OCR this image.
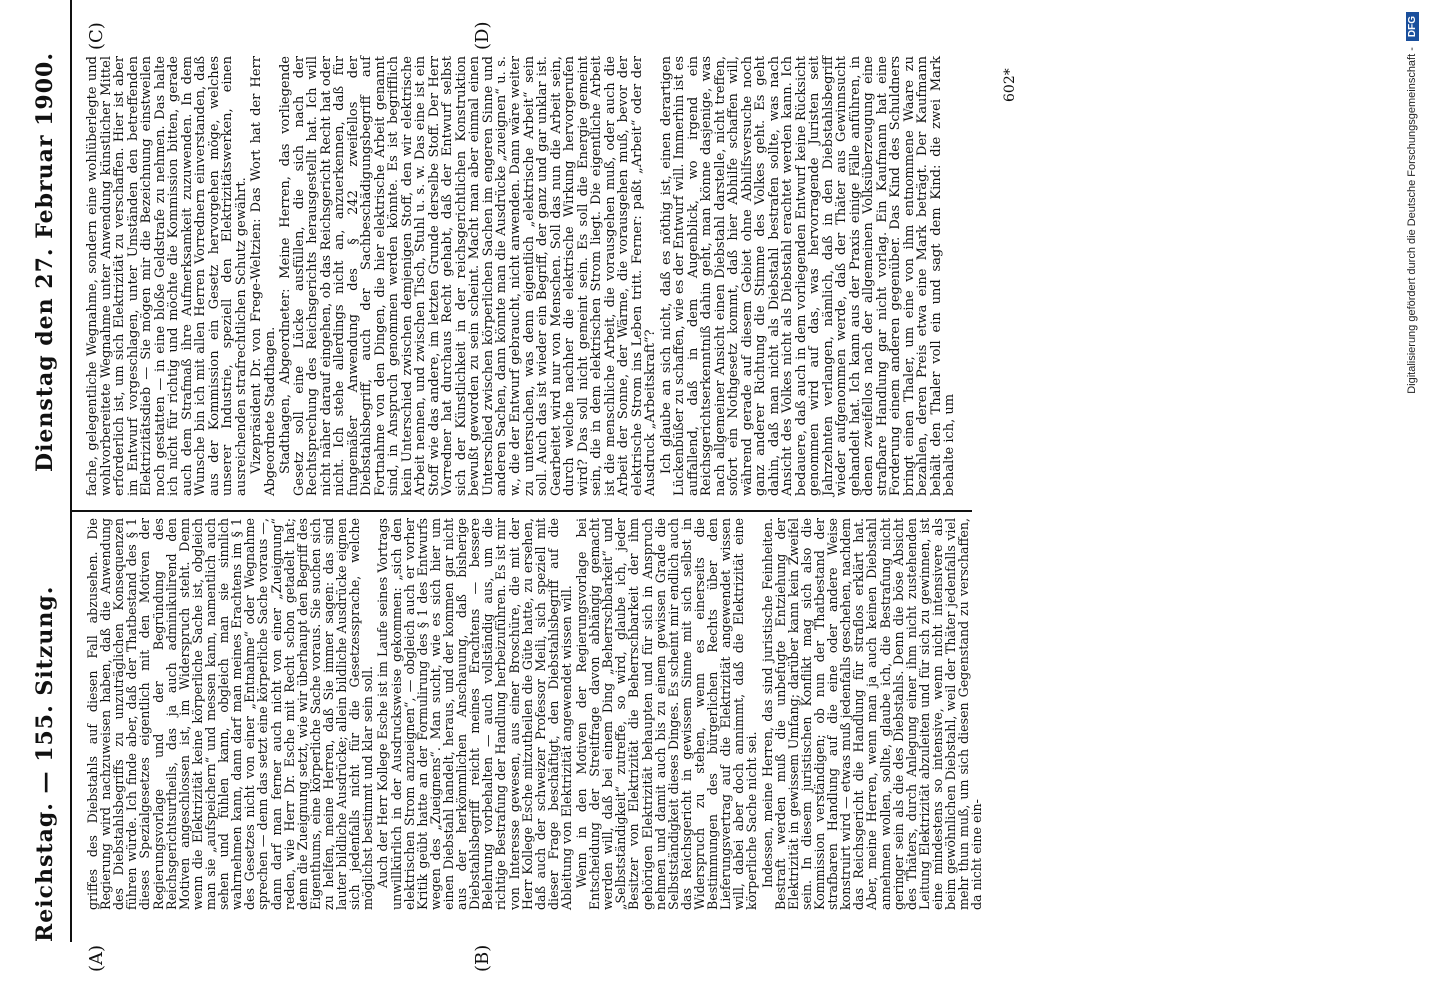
Reichstag. — 155. Sitzung.
Dienstag den 27. Februar 1900.
(A)	(B)
(C)	(D)

griffes des Diebstahls auf diesen Fall abzusehen. Die Regierung wird nachzuweisen haben, daß die Anwendung des Diebstahlsbegriffs zu unzuträglichen Konsequenzen führen würde. Ich finde aber, daß der Thatbestand des § 1 dieses Spezialgesetzes eigentlich mit den Motiven der Regierungsvorlage und der Begründung des Reichsgerichtsurtheils, das ja auch adminikulirend den Motiven angeschlossen ist, im Widerspruch steht. Denn wenn die Elektrizität keine körperliche Sache ist, obgleich man sie „aufspeichern“ und messen kann, namentlich auch sehen und fühlen kann, obgleich man sie sinnlich wahrnehmen kann, dann darf man meines Erachtens im § 1 des Gesetzes nicht von einer „Entnahme“ oder Wegnahme sprechen — denn das setzt eine körperliche Sache voraus —, dann darf man ferner auch nicht von einer „Zueignung“ reden, wie Herr Dr. Esche mit Recht schon getadelt hat; denn die Zueignung setzt, wie wir überhaupt den Begriff des Eigenthums, eine körperliche Sache voraus. Sie suchen sich zu helfen, meine Herren, daß Sie immer sagen: das sind lauter bildliche Ausdrücke; allein bildliche Ausdrücke eignen sich jedenfalls nicht für die Gesetzessprache, welche möglichst bestimmt und klar sein soll. Auch der Herr Kollege Esche ist im Laufe seines Vortrags unwillkürlich in der Ausdrucksweise gekommen: „sich den elektrischen Strom anzueignen“, — obgleich auch er vorher Kritik geübt hatte an der Formulirung des § 1 des Entwurfs wegen des „Zueignens“. Man sucht, wie es sich hier um einen Diebstahl handelt, heraus, und der kommen gar nicht aus der herkömmlichen Anschauung, daß bisherige Diebstahlsbegriff reicht meines Erachtens — bessere Belehrung vorbehalten — auch vollständig aus, um die richtige Bestrafung der Handlung herbeizuführen. Es ist mir von Interesse gewesen, aus einer Broschüre, die mit der Herr Kollege Esche mitzutheilen die Güte hatte, zu ersehen, daß auch der schweizer Professor Meili, sich speziell mit dieser Frage beschäftigt, den Diebstahlsbegriff auf die Ableitung von Elektrizität angewendet wissen will. Wenn in den Motiven der Regierungsvorlage bei Entscheidung der Streitfrage davon abhängig gemacht werden will, daß bei einem Ding „Beherrschbarkeit“ und „Selbstständigkeit“ zutreffe, so wird, glaube ich, jeder Besitzer von Elektrizität die Beherrschbarkeit der ihm gehörigen Elektrizität behaupten und für sich in Anspruch nehmen und damit auch bis zu einem gewissen Grade die Selbstständigkeit dieses Dinges. Es scheint mir endlich auch das Reichsgericht in gewissem Sinne mit sich selbst in Widerspruch zu stehen, wenn es einerseits die Bestimmungen des bürgerlichen Rechts über den Lieferungsvertrag auf die Elektrizität angewendet wissen will, dabei aber doch annimmt, daß die Elektrizität eine körperliche Sache nicht sei. Indessen, meine Herren, das sind juristische Feinheiten. Bestraft werden muß die unbefugte Entziehung der Elektrizität in gewissem Umfang; darüber kann kein Zweifel sein. In diesem juristischen Konflikt mag sich also die Kommission verständigen; ob nun der Thatbestand der strafbaren Handlung auf die eine oder andere Weise konstruirt wird — etwas muß jedenfalls geschehen, nachdem das Reichsgericht die Handlung für straflos erklärt hat. Aber, meine Herren, wenn man ja auch keinen Diebstahl annehmen wollen, sollte, glaube ich, die Bestrafung nicht geringer sein als die des Diebstahls. Denn die böse Absicht des Thäters, durch Anlegung einer ihm nicht zustehenden Leitung Elektrizität abzuleiten und für sich zu gewinnen, ist eine mindestens so intensive, wenn nicht intensivere als beim gewöhnlichen Diebstahl, weil der Thäter jedenfalls viel mehr thun muß, um sich diesen Gegenstand zu verschaffen, da nicht eine ein-

fache, gelegentliche Wegnahme, sondern eine wohlüberlegte und wohlvorbereitete Wegnahme unter Anwendung künstlicher Mittel erforderlich ist, um sich Elektrizität zu verschaffen. Hier ist aber im Entwurf vorgeschlagen, unter Umständen den betreffenden Elektrizitätsdieb — Sie mögen mir die Bezeichnung einstweilen noch gestatten — in eine bloße Geldstrafe zu nehmen. Das halte ich nicht für richtig und möchte die Kommission bitten, gerade auch dem Strafmaß ihre Aufmerksamkeit zuzuwenden. In dem Wunsche bin ich mit allen Herren Vorrednern einverstanden, daß aus der Kommission ein Gesetz hervorgehen möge, welches unserer Industrie, speziell den Elektrizitätswerken, einen ausreichenden strafrechtlichen Schutz gewährt. Vizepräsident Dr. von Frege-Weltzien: Das Wort hat der Herr Abgeordnete Stadthagen. Stadthagen, Abgeordneter: Meine Herren, das vorliegende Gesetz soll eine Lücke ausfüllen, die sich nach der Rechtsprechung des Reichsgerichts herausgestellt hat. Ich will nicht näher darauf eingehen, ob das Reichsgericht Recht hat oder nicht. Ich stehe allerdings nicht an, anzuerkennen, daß für fungemäßer Anwendung des § 242 zweifellos der Diebstahlsbegriff, auch der Sachbeschädigungsbegriff auf Fortnahme von den Dingen, die hier elektrische Arbeit genannt sind, in Anspruch genommen werden könnte. Es ist begrifflich kein Unterschied zwischen demjenigen Stoff, den wir elektrische Arbeit nennen, und zwischen Tisch, Stuhl u. s. w. Das eine ist ein Stoff wie das andere, im letzten Grunde derselbe Stoff. Der Herr Vorredner hat durchaus Recht gehabt, daß der Entwurf selbst sich der Künstlichkeit in der reichsgerichtlichen Konstruktion bewußt geworden zu sein scheint. Macht man aber einmal einen Unterschied zwischen körperlichen Sachen im engeren Sinne und anderen Sachen, dann könnte man die Ausdrücke „zueignen“ u. s. w., die der Entwurf gebraucht, nicht anwenden. Dann wäre weiter zu untersuchen, was denn eigentlich „elektrische Arbeit“ sein soll. Auch das ist wieder ein Begriff, der ganz und gar unklar ist. Gearbeitet wird nur von Menschen. Soll das nun die Arbeit sein, durch welche nachher die elektrische Wirkung hervorgerufen wird? Das soll nicht gemeint sein. Es soll die Energie gemeint sein, die in dem elektrischen Strom liegt. Die eigentliche Arbeit ist die menschliche Arbeit, die vorausgehen muß, oder auch die Arbeit der Sonne, der Wärme, die vorausgehen muß, bevor der elektrische Strom ins Leben tritt. Ferner: paßt „Arbeit“ oder der Ausdruck „Arbeitskraft“? Ich glaube an sich nicht, daß es nöthig ist, einen derartigen Lückenbüßer zu schaffen, wie es der Entwurf will. Immerhin ist es auffallend, daß in dem Augenblick, wo irgend ein Reichsgerichtserkenntniß dahin geht, man könne dasjenige, was nach allgemeiner Ansicht einen Diebstahl darstelle, nicht treffen, sofort ein Nothgesetz kommt, daß hier Abhilfe schaffen will, während gerade auf diesem Gebiet ohne Abhilfsversuche noch ganz anderer Richtung die Stimme des Volkes geht. Es geht dahin, daß man nicht als Diebstahl bestrafen sollte, was nach Ansicht des Volkes nicht als Diebstahl erachtet werden kann. Ich bedauere, daß auch in dem vorliegenden Entwurf keine Rücksicht genommen wird auf das, was hervorragende Juristen seit Jahrzehnten verlangen, nämlich, daß in den Diebstahlsbegriff wieder aufgenommen werde, daß der Thäter aus Gewinnsucht gehandelt hat. Ich kann aus der Praxis einige Fälle anführen, in denen zweifellos nach der allgemeinen Volksüberzeugung eine strafbare Handlung gar nicht vorlag. Ein Kaufmann hat eine Forderung einem anderen gegenüber. Das Kind des Schuldners bringt einen Thaler, um eine von ihm entnommene Waare zu bezahlen, deren Preis etwa eine Mark beträgt. Der Kaufmann behält den Thaler voll ein und sagt dem Kind: die zwei Mark behalte ich, um

602*	Digitalisierung gefördert durch die Deutsche Forschungsgemeinschaft -
DFG
